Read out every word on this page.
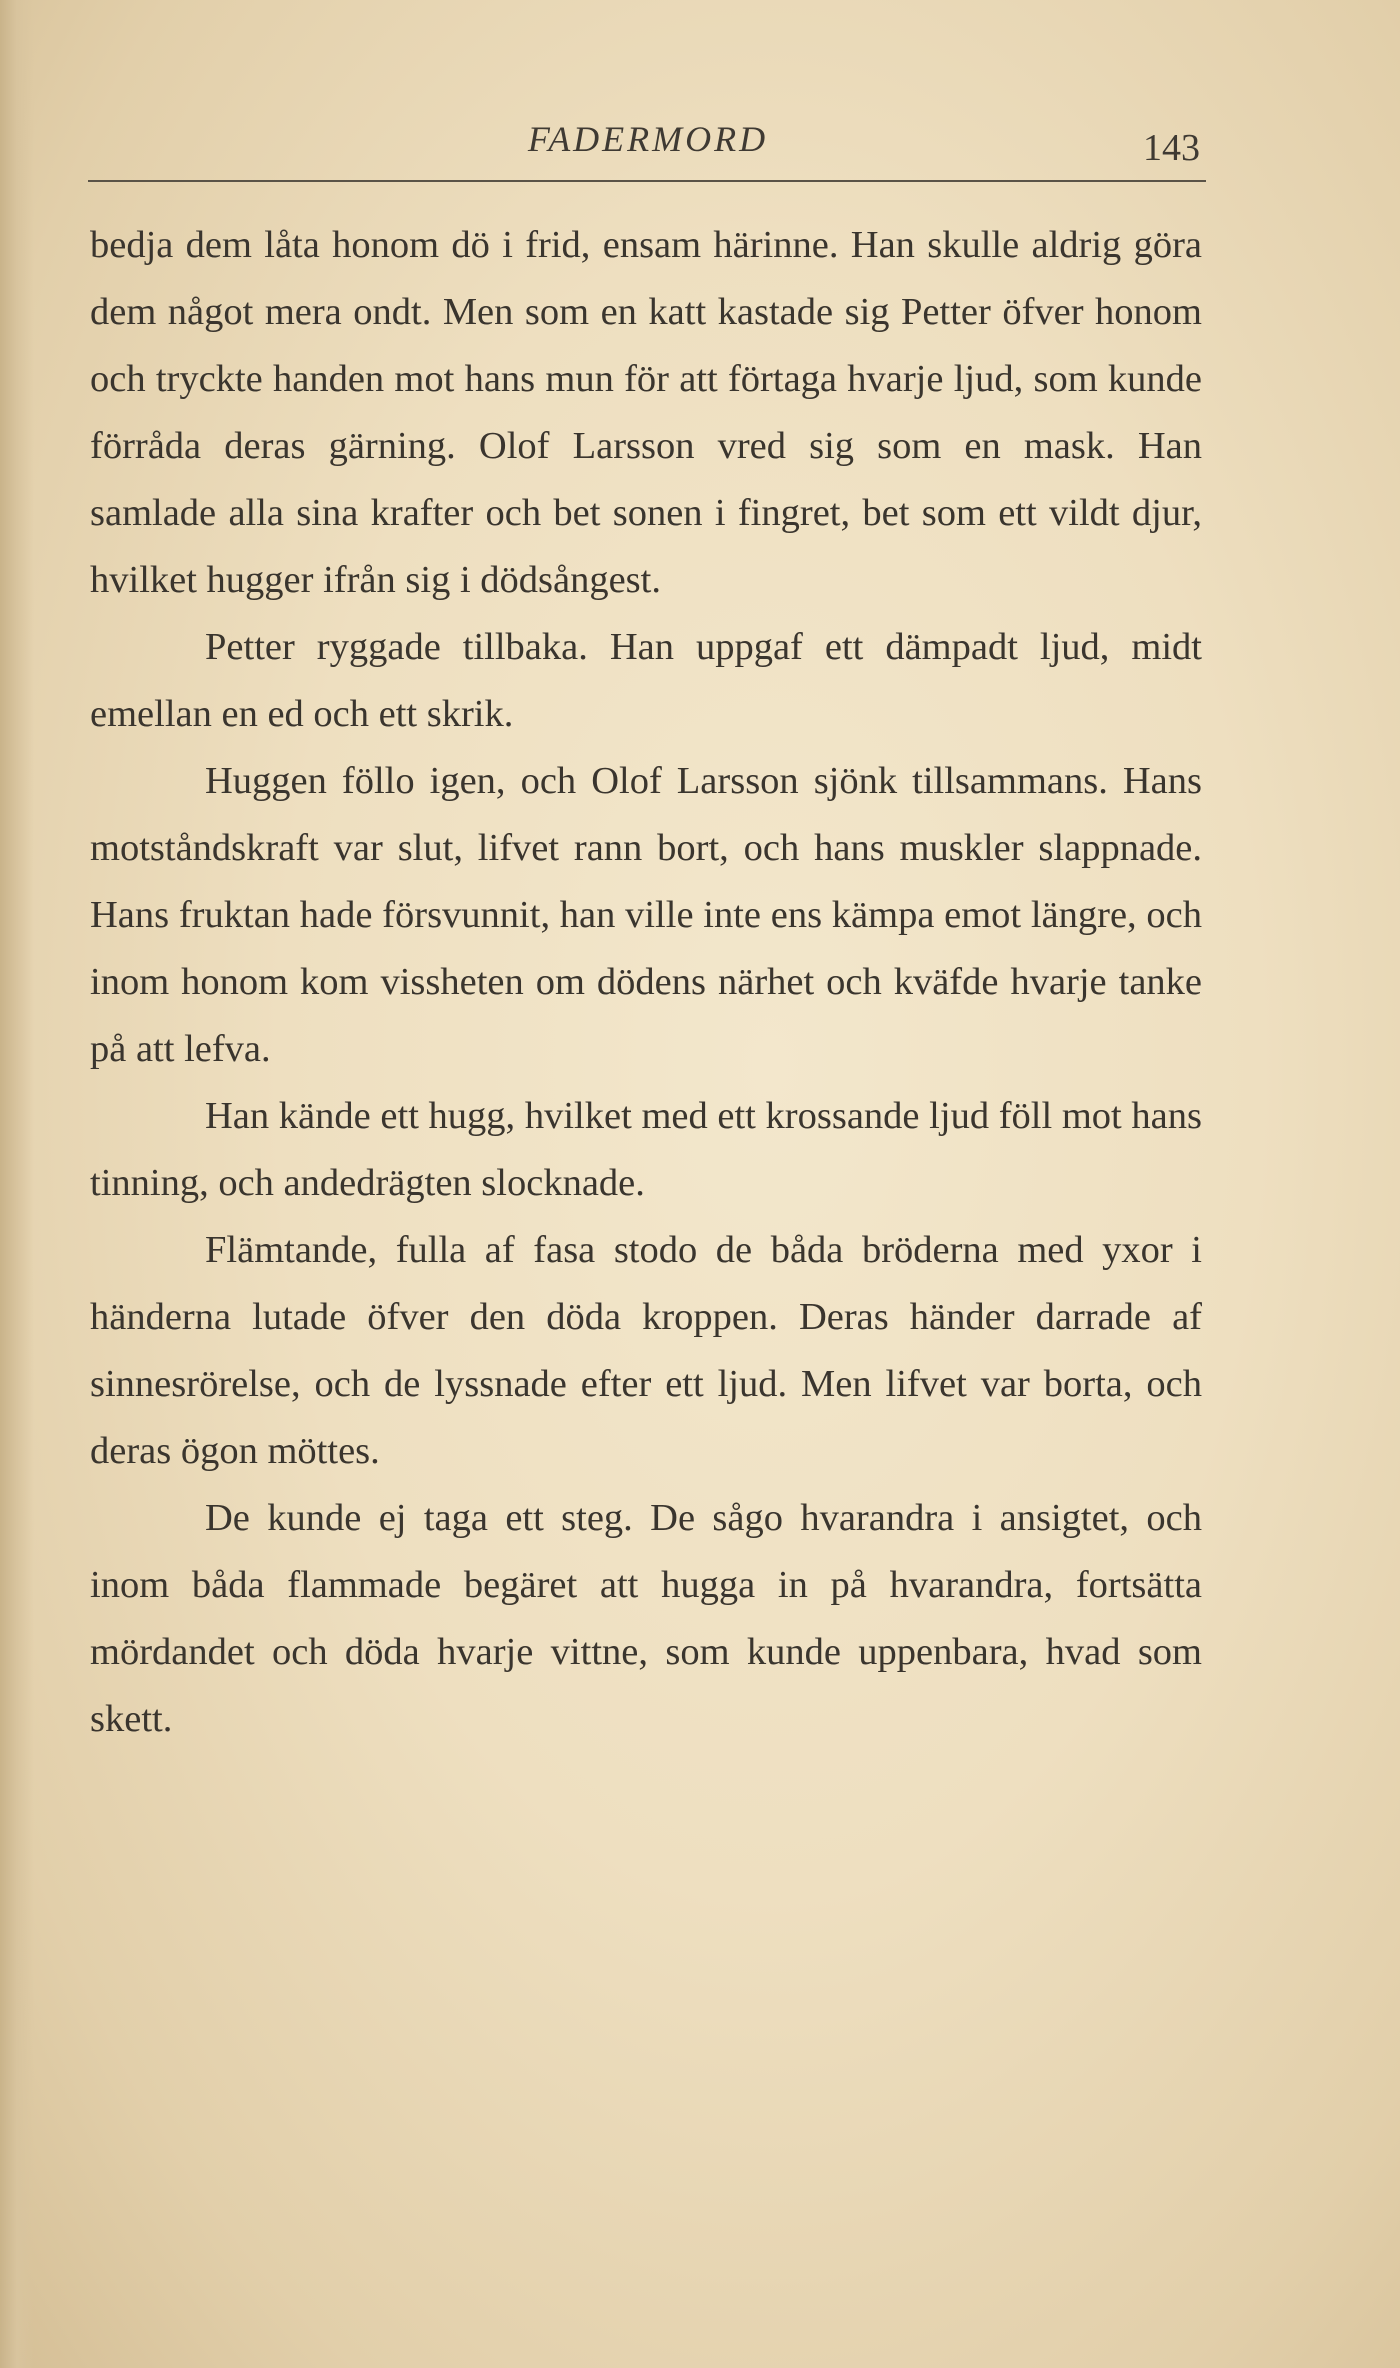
FADERMORD	143

bedja dem låta honom dö i frid, ensam härinne. Han skulle aldrig göra dem något mera ondt. Men som en katt kastade sig Petter öfver honom och tryckte handen mot hans mun för att förtaga hvarje ljud, som kunde förråda deras gärning. Olof Larsson vred sig som en mask. Han samlade alla sina krafter och bet sonen i fingret, bet som ett vildt djur, hvilket hugger ifrån sig i dödsångest.

Petter ryggade tillbaka. Han uppgaf ett dämpadt ljud, midt emellan en ed och ett skrik.

Huggen föllo igen, och Olof Larsson sjönk tillsammans. Hans motståndskraft var slut, lifvet rann bort, och hans muskler slappnade. Hans fruktan hade försvunnit, han ville inte ens kämpa emot längre, och inom honom kom vissheten om dödens närhet och kväfde hvarje tanke på att lefva.

Han kände ett hugg, hvilket med ett krossande ljud föll mot hans tinning, och andedrägten slocknade.

Flämtande, fulla af fasa stodo de båda bröderna med yxor i händerna lutade öfver den döda kroppen. Deras händer darrade af sinnesrörelse, och de lyssnade efter ett ljud. Men lifvet var borta, och deras ögon möttes.

De kunde ej taga ett steg. De sågo hvarandra i ansigtet, och inom båda flammade begäret att hugga in på hvarandra, fortsätta mördandet och döda hvarje vittne, som kunde uppenbara, hvad som skett.
